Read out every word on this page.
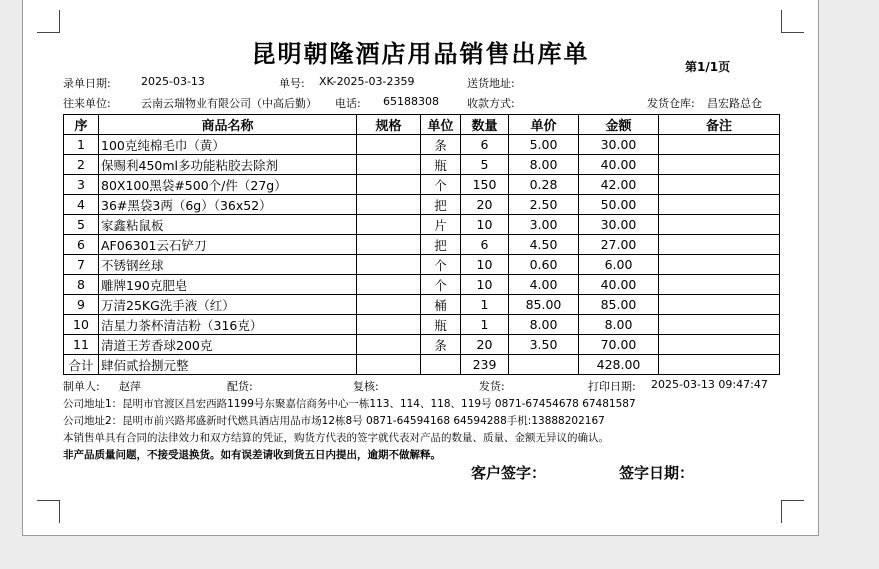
昆明朝隆酒店用品销售出库单	第1/1页
录单日期:	2025-03-13	单号: XK-2025-03-2359	送货地址:
往来单位:	云南云瑞物业有限公司（中高后勤） 电话: 65188308	收款方式:	发货仓库: 昌宏路总仓
序	商品名称	规格	单位	数量	单价	金额	备注
1	100克纯棉毛巾（黄）		条	6	5.00	30.00	
2	保赐利450ml多功能粘胶去除剂		瓶	5	8.00	40.00	
3	80X100黑袋#500个/件（27g）		个	150	0.28	42.00	
4	36#黑袋3两（6g）（36x52）		把	20	2.50	50.00	
5	家鑫粘鼠板		片	10	3.00	30.00	
6	AF06301云石铲刀		把	6	4.50	27.00	
7	不锈钢丝球		个	10	0.60	6.00	
8	雕牌190克肥皂		个	10	4.00	40.00	
9	万清25KG洗手液（红）		桶	1	85.00	85.00	
10	洁星力茶杯清洁粉（316克）		瓶	1	8.00	8.00	
11	清道王芳香球200克		条	20	3.50	70.00	
合计	肆佰贰拾捌元整			239		428.00	
制单人: 赵萍	配货:	复核:	发货:	打印日期: 2025-03-13 09:47:47
公司地址1：昆明市官渡区昌宏西路1199号东聚嘉信商务中心一栋113、114、118、119号 0871-67454678 67481587
公司地址2：昆明市前兴路邦盛新时代燃具酒店用品市场12栋8号 0871-64594168 64594288手机:13888202167
本销售单具有合同的法律效力和双方结算的凭证，购货方代表的签字就代表对产品的数量、质量、金额无异议的确认。
非产品质量问题，不接受退换货。如有误差请收到货五日内提出，逾期不做解释。
客户签字：	签字日期：
